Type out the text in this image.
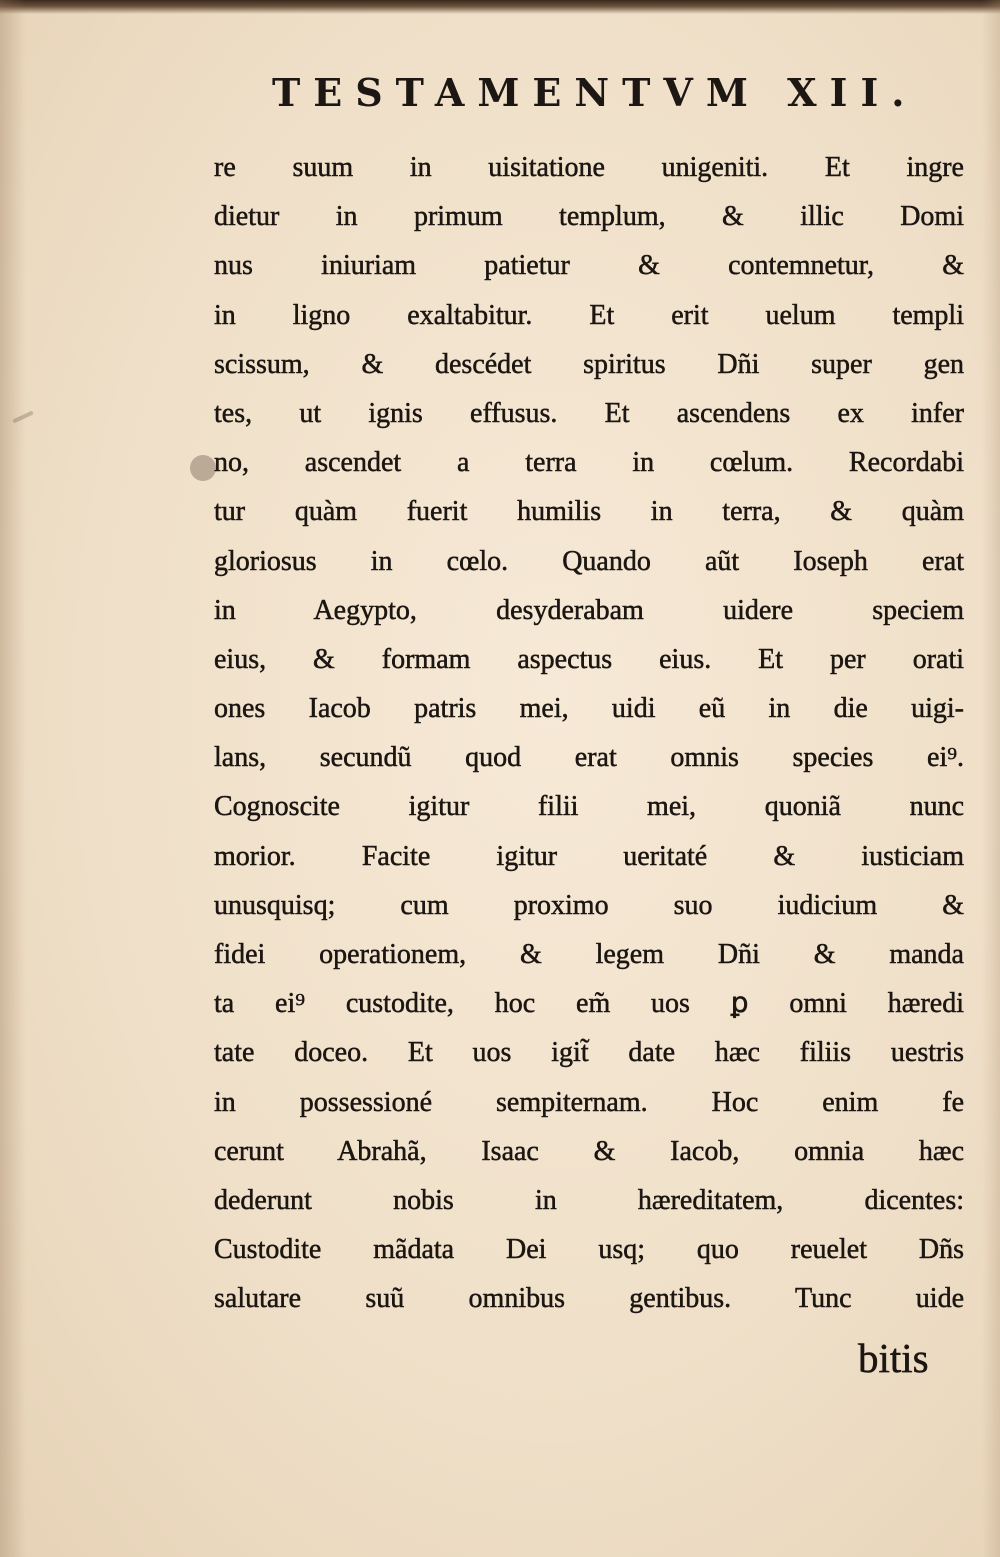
TESTAMENTVM XII.
re suum in uisitatione unigeniti. Et ingre
dietur in primum templum, & illic Domi
nus iniuriam patietur & contemnetur, &
in ligno exaltabitur. Et erit uelum templi
scissum, & descédet spiritus Dñi super gen
tes, ut ignis effusus. Et ascendens ex infer
no, ascendet a terra in cœlum. Recordabi
tur quàm fuerit humilis in terra, & quàm
gloriosus in cœlo. Quando aũt Ioseph erat
in Aegypto, desyderabam uidere speciem
eius, & formam aspectus eius. Et per orati
ones Iacob patris mei, uidi eũ in die uigi-
lans, secundũ quod erat omnis species ei⁹.
Cognoscite igitur filii mei, quoniã nunc
morior. Facite igitur ueritaté & iusticiam
unusquisq; cum proximo suo iudicium &
fidei operationem, & legem Dñi & manda
ta ei⁹ custodite, hoc em̃ uos ꝑ omni hæredi
tate doceo. Et uos igit̃ date hæc filiis uestris
in possessioné sempiternam. Hoc enim fe
cerunt Abrahã, Isaac & Iacob, omnia hæc
dederunt nobis in hæreditatem, dicentes:
Custodite mãdata Dei usq; quo reuelet Dñs
salutare suũ omnibus gentibus. Tunc uide
bitis
